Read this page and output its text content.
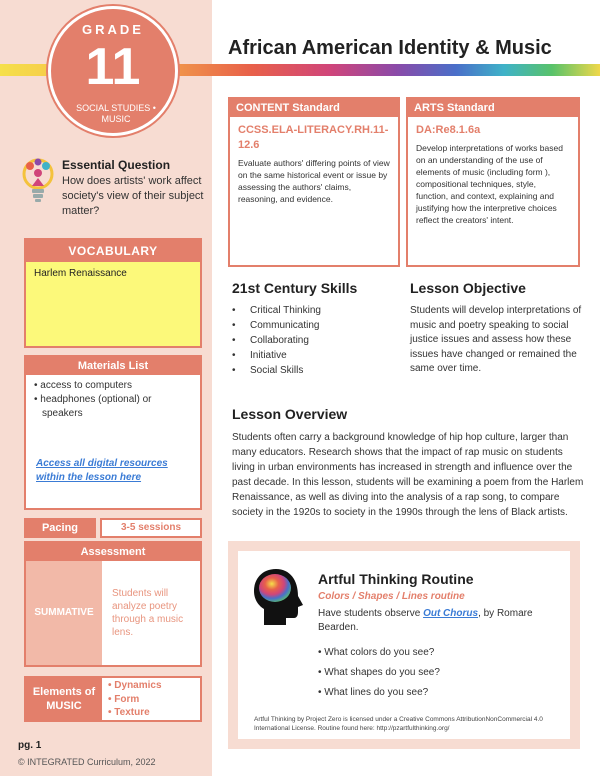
GRADE
11
SOCIAL STUDIES • MUSIC
Essential Question
How does artists' work affect society's view of their subject matter?
VOCABULARY
Harlem Renaissance
Materials List
• access to computers
• headphones (optional) or speakers
Access all digital resources within the lesson here
Pacing	3-5 sessions
Assessment
SUMMATIVE
Students will analyze poetry through a music lens.
Elements of MUSIC
• Dynamics
• Form
• Texture
pg. 1
© INTEGRATED Curriculum, 2022
African American Identity & Music
CONTENT Standard
CCSS.ELA-LITERACY.RH.11-12.6
Evaluate authors' differing points of view on the same historical event or issue by assessing the authors' claims, reasoning, and evidence.
ARTS Standard
DA:Re8.1.6a
Develop interpretations of works based on an understanding of the use of elements of music (including form ), compositional techniques, style, function, and context, explaining and justifying how the interpretive choices reflect the creators' intent.
21st Century Skills
• Critical Thinking
• Communicating
• Collaborating
• Initiative
• Social Skills
Lesson Objective
Students will develop interpretations of music and poetry speaking to social justice issues and assess how these issues have changed or remained the same over time.
Lesson Overview
Students often carry a background knowledge of hip hop culture, larger than many educators. Research shows that the impact of rap music on students living in urban environments has increased in strength and influence over the past decade. In this lesson, students will be examining a poem from the Harlem Renaissance, as well as diving into the analysis of a rap song, to compare society in the 1920s to society in the 1990s through the lens of Black artists.
Artful Thinking Routine
Colors / Shapes / Lines routine
Have students observe Out Chorus, by Romare Bearden.
• What colors do you see?
• What shapes do you see?
• What lines do you see?
Artful Thinking by Project Zero is licensed under a Creative Commons AttributionNonCommercial 4.0 International License. Routine found here: http://pzartfulthinking.org/
